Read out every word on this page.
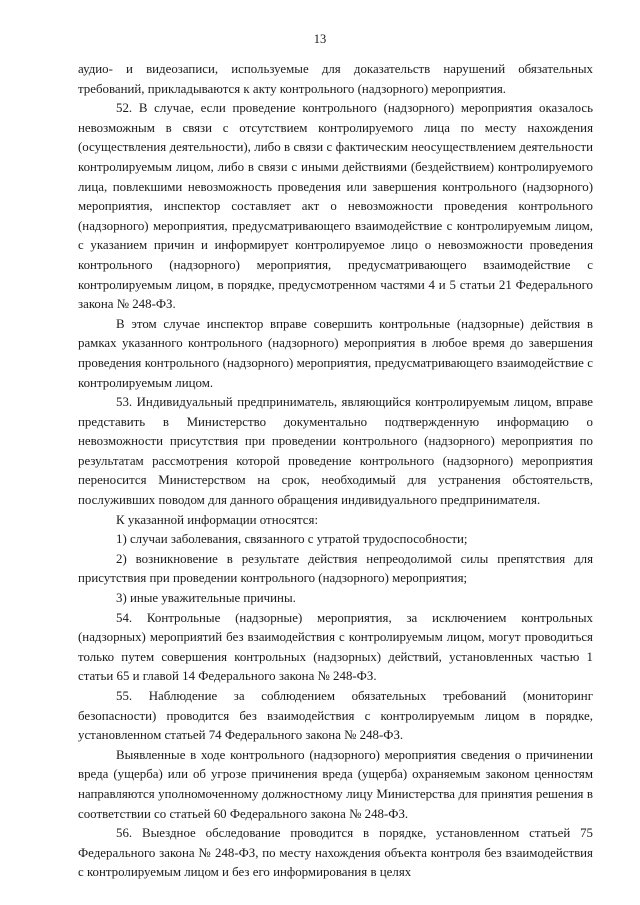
13

аудио- и видеозаписи, используемые для доказательств нарушений обязательных требований, прикладываются к акту контрольного (надзорного) мероприятия.

52. В случае, если проведение контрольного (надзорного) мероприятия оказалось невозможным в связи с отсутствием контролируемого лица по месту нахождения (осуществления деятельности), либо в связи с фактическим неосуществлением деятельности контролируемым лицом, либо в связи с иными действиями (бездействием) контролируемого лица, повлекшими невозможность проведения или завершения контрольного (надзорного) мероприятия, инспектор составляет акт о невозможности проведения контрольного (надзорного) мероприятия, предусматривающего взаимодействие с контролируемым лицом, с указанием причин и информирует контролируемое лицо о невозможности проведения контрольного (надзорного) мероприятия, предусматривающего взаимодействие с контролируемым лицом, в порядке, предусмотренном частями 4 и 5 статьи 21 Федерального закона № 248-ФЗ.

В этом случае инспектор вправе совершить контрольные (надзорные) действия в рамках указанного контрольного (надзорного) мероприятия в любое время до завершения проведения контрольного (надзорного) мероприятия, предусматривающего взаимодействие с контролируемым лицом.

53. Индивидуальный предприниматель, являющийся контролируемым лицом, вправе представить в Министерство документально подтвержденную информацию о невозможности присутствия при проведении контрольного (надзорного) мероприятия по результатам рассмотрения которой проведение контрольного (надзорного) мероприятия переносится Министерством на срок, необходимый для устранения обстоятельств, послуживших поводом для данного обращения индивидуального предпринимателя.

К указанной информации относятся:

1) случаи заболевания, связанного с утратой трудоспособности;

2) возникновение в результате действия непреодолимой силы препятствия для присутствия при проведении контрольного (надзорного) мероприятия;

3) иные уважительные причины.

54. Контрольные (надзорные) мероприятия, за исключением контрольных (надзорных) мероприятий без взаимодействия с контролируемым лицом, могут проводиться только путем совершения контрольных (надзорных) действий, установленных частью 1 статьи 65 и главой 14 Федерального закона № 248-ФЗ.

55. Наблюдение за соблюдением обязательных требований (мониторинг безопасности) проводится без взаимодействия с контролируемым лицом в порядке, установленном статьей 74 Федерального закона № 248-ФЗ.

Выявленные в ходе контрольного (надзорного) мероприятия сведения о причинении вреда (ущерба) или об угрозе причинения вреда (ущерба) охраняемым законом ценностям направляются уполномоченному должностному лицу Министерства для принятия решения в соответствии со статьей 60 Федерального закона № 248-ФЗ.

56. Выездное обследование проводится в порядке, установленном статьей 75 Федерального закона № 248-ФЗ, по месту нахождения объекта контроля без взаимодействия с контролируемым лицом и без его информирования в целях
